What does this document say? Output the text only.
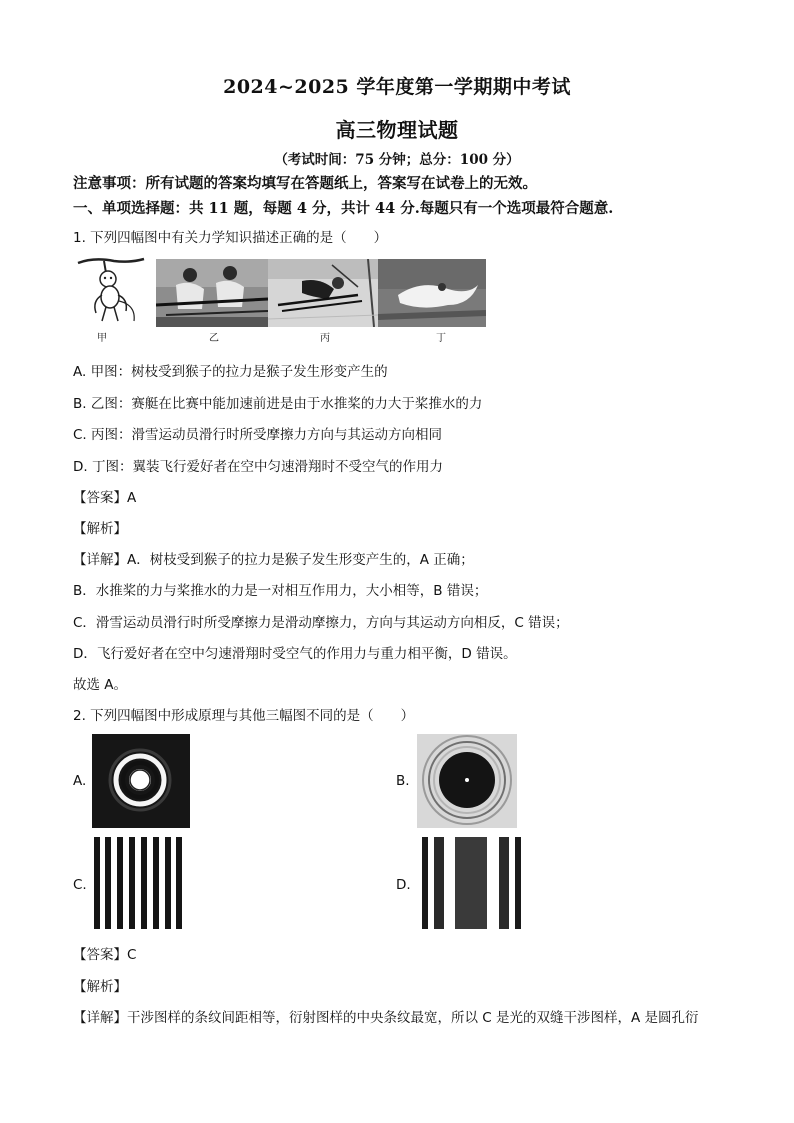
2024~2025 学年度第一学期期中考试
高三物理试题
（考试时间：75 分钟；总分：100 分）
注意事项：所有试题的答案均填写在答题纸上，答案写在试卷上的无效。
一、单项选择题：共 11 题，每题 4 分，共计 44 分.每题只有一个选项最符合题意.
1. 下列四幅图中有关力学知识描述正确的是（　　）
甲	乙	丙	丁
A. 甲图：树枝受到猴子的拉力是猴子发生形变产生的
B. 乙图：赛艇在比赛中能加速前进是由于水推桨的力大于桨推水的力
C. 丙图：滑雪运动员滑行时所受摩擦力方向与其运动方向相同
D. 丁图：翼装飞行爱好者在空中匀速滑翔时不受空气的作用力
【答案】A
【解析】
【详解】A．树枝受到猴子的拉力是猴子发生形变产生的，A 正确；
B．水推桨的力与桨推水的力是一对相互作用力，大小相等，B 错误；
C．滑雪运动员滑行时所受摩擦力是滑动摩擦力，方向与其运动方向相反，C 错误；
D．飞行爱好者在空中匀速滑翔时受空气的作用力与重力相平衡，D 错误。
故选 A。
2. 下列四幅图中形成原理与其他三幅图不同的是（　　）
A.	B.
C.	D.
【答案】C
【解析】
【详解】干涉图样的条纹间距相等，衍射图样的中央条纹最宽，所以 C 是光的双缝干涉图样，A 是圆孔衍
